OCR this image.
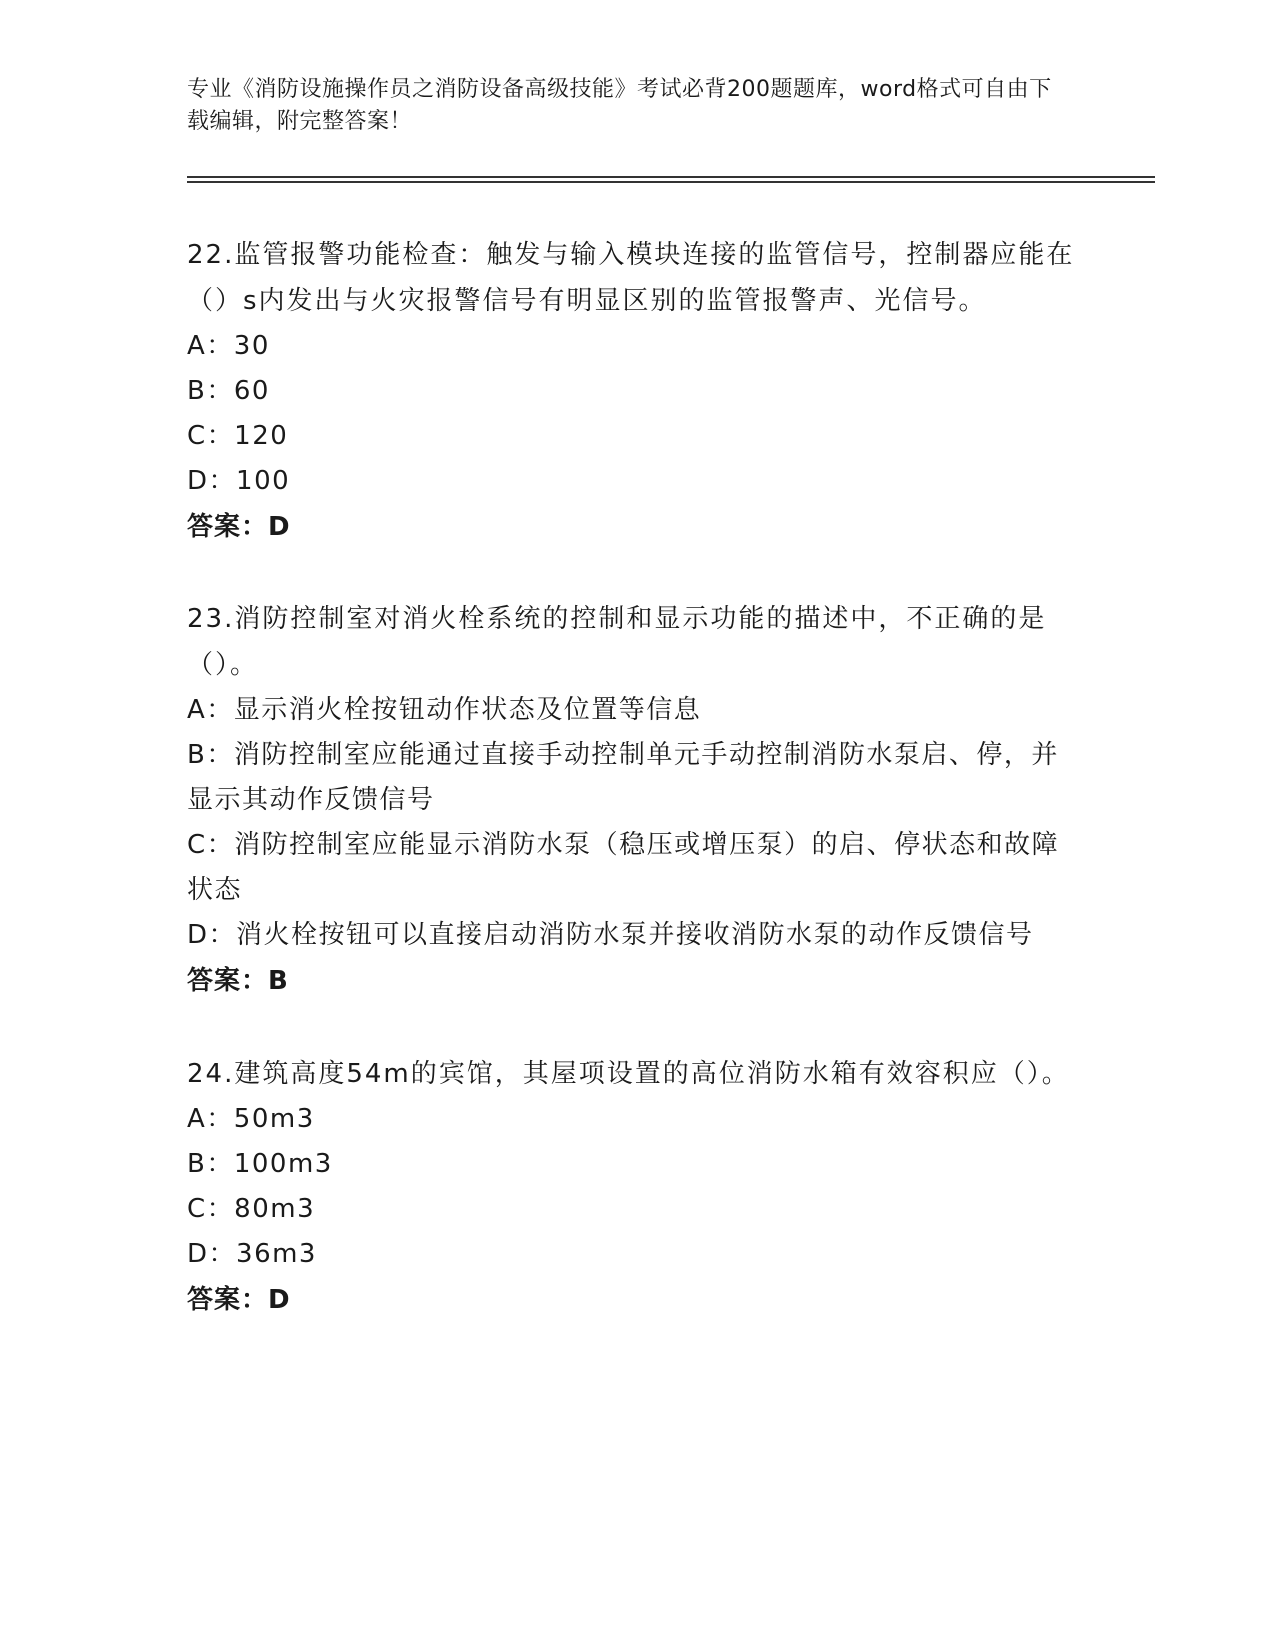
专业《消防设施操作员之消防设备高级技能》考试必背200题题库，word格式可自由下载编辑，附完整答案！

22.监管报警功能检查：触发与输入模块连接的监管信号，控制器应能在（）s内发出与火灾报警信号有明显区别的监管报警声、光信号。

A：30
B：60
C：120
D：100

答案：D

23.消防控制室对消火栓系统的控制和显示功能的描述中，不正确的是（）。

A：显示消火栓按钮动作状态及位置等信息
B：消防控制室应能通过直接手动控制单元手动控制消防水泵启、停，并显示其动作反馈信号
C：消防控制室应能显示消防水泵（稳压或增压泵）的启、停状态和故障状态
D：消火栓按钮可以直接启动消防水泵并接收消防水泵的动作反馈信号

答案：B

24.建筑高度54m的宾馆，其屋项设置的高位消防水箱有效容积应（）。

A：50m3
B：100m3
C：80m3
D：36m3

答案：D
